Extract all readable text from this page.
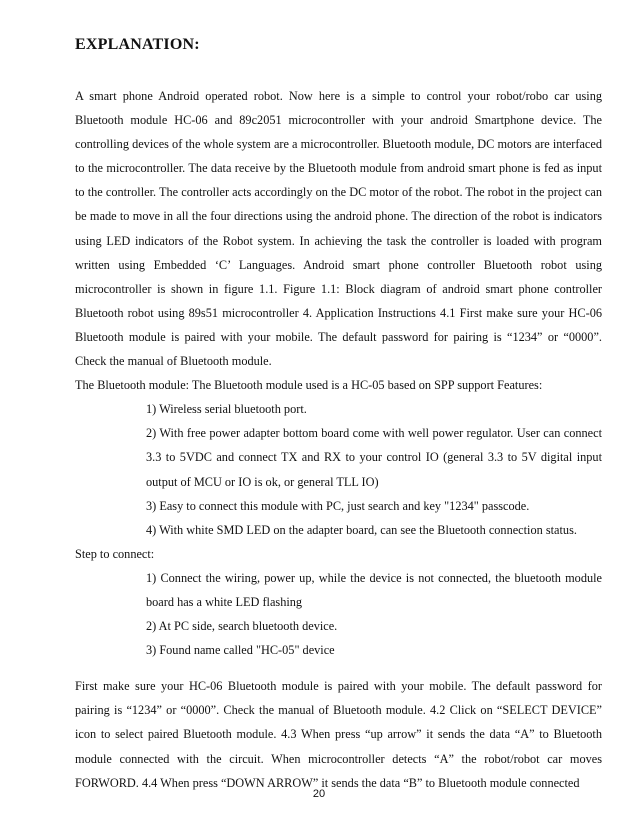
EXPLANATION:

A smart phone Android operated robot. Now here is a simple to control your robot/robo car using Bluetooth module HC-06 and 89c2051 microcontroller with your android Smartphone device. The controlling devices of the whole system are a microcontroller. Bluetooth module, DC motors are interfaced to the microcontroller. The data receive by the Bluetooth module from android smart phone is fed as input to the controller. The controller acts accordingly on the DC motor of the robot. The robot in the project can be made to move in all the four directions using the android phone. The direction of the robot is indicators using LED indicators of the Robot system. In achieving the task the controller is loaded with program written using Embedded ‘C’ Languages. Android smart phone controller Bluetooth robot using microcontroller is shown in figure 1.1. Figure 1.1: Block diagram of android smart phone controller Bluetooth robot using 89s51 microcontroller 4. Application Instructions 4.1 First make sure your HC-06 Bluetooth module is paired with your mobile. The default password for pairing is “1234” or “0000”. Check the manual of Bluetooth module.

The Bluetooth module: The Bluetooth module used is a HC-05 based on SPP support Features:

1) Wireless serial bluetooth port.

2) With free power adapter bottom board come with well power regulator. User can connect 3.3 to 5VDC and connect TX and RX to your control IO (general 3.3 to 5V digital input output of MCU or IO is ok, or general TLL IO)

3) Easy to connect this module with PC, just search and key "1234" passcode.

4) With white SMD LED on the adapter board, can see the Bluetooth connection status.

Step to connect:

1) Connect the wiring, power up, while the device is not connected, the bluetooth module board has a white LED flashing

2) At PC side, search bluetooth device.

3) Found name called "HC-05" device

First make sure your HC-06 Bluetooth module is paired with your mobile. The default password for pairing is “1234” or “0000”. Check the manual of Bluetooth module. 4.2 Click on “SELECT DEVICE” icon to select paired Bluetooth module. 4.3 When press “up arrow” it sends the data “A” to Bluetooth module connected with the circuit. When microcontroller detects “A” the robot/robot car moves FORWORD. 4.4 When press “DOWN ARROW” it sends the data “B” to Bluetooth module connected

20
